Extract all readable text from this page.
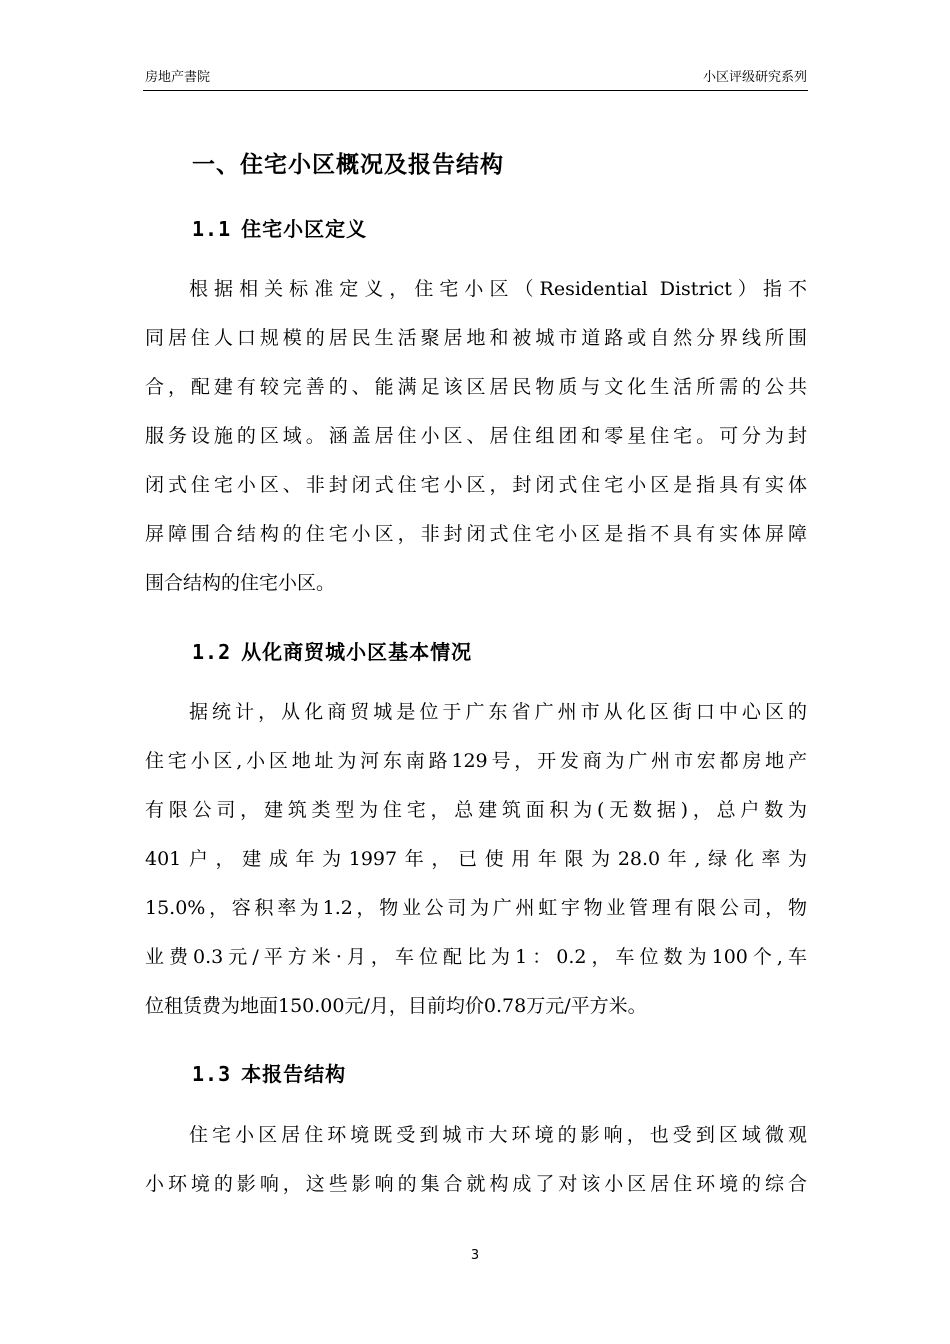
房地产書院	小区评级研究系列
一、住宅小区概况及报告结构
1.1 住宅小区定义
根据相关标准定义，住宅小区（Residential District）指不
同居住人口规模的居民生活聚居地和被城市道路或自然分界线所围
合，配建有较完善的、能满足该区居民物质与文化生活所需的公共
服务设施的区域。涵盖居住小区、居住组团和零星住宅。可分为封
闭式住宅小区、非封闭式住宅小区，封闭式住宅小区是指具有实体
屏障围合结构的住宅小区，非封闭式住宅小区是指不具有实体屏障
围合结构的住宅小区。
1.2 从化商贸城小区基本情况
据统计，从化商贸城是位于广东省广州市从化区街口中心区的
住宅小区,小区地址为河东南路129号，开发商为广州市宏都房地产
有限公司，建筑类型为住宅，总建筑面积为(无数据)，总户数为
401户，建成年为1997年，已使用年限为28.0年,绿化率为
15.0%，容积率为1.2，物业公司为广州虹宇物业管理有限公司，物
业费0.3元/平方米·月，车位配比为1：0.2，车位数为100个,车
位租赁费为地面150.00元/月，目前均价0.78万元/平方米。
1.3 本报告结构
住宅小区居住环境既受到城市大环境的影响，也受到区域微观
小环境的影响，这些影响的集合就构成了对该小区居住环境的综合
3
